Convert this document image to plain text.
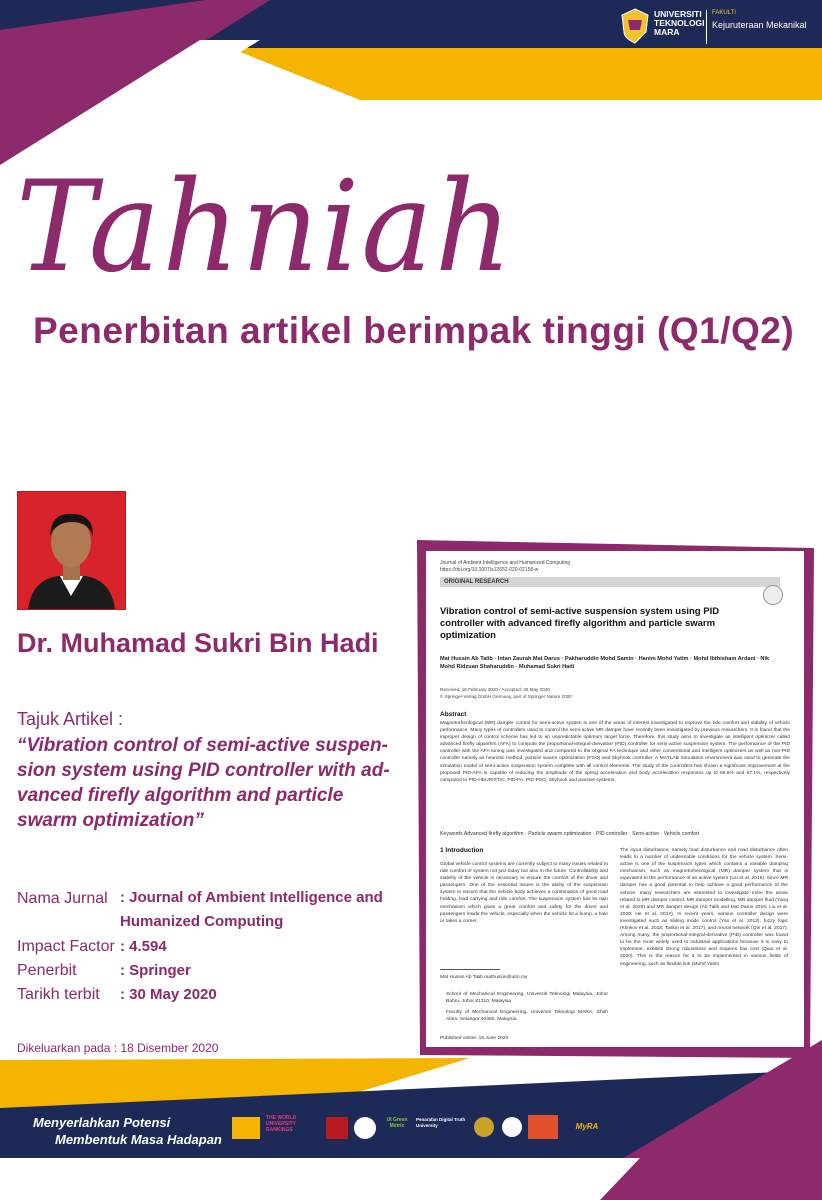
UNIVERSITI
TEKNOLOGI
MARA
FAKULTI
Kejuruteraan Mekanikal
Tahniah
Penerbitan artikel berimpak tinggi (Q1/Q2)
Dr. Muhamad Sukri Bin Hadi
Tajuk Artikel :
“Vibration control of semi-active suspen-sion system using PID controller with ad-vanced firefly algorithm and particle swarm optimization”
Nama Jurnal : Journal of Ambient Intelligence and Humanized Computing
Impact Factor : 4.594
Penerbit	: Springer
Tarikh terbit : 30 May 2020
Dikeluarkan pada : 18 Disember 2020
Journal of Ambient Intelligence and Humanized Computing
https://doi.org/10.1007/s12652-020-02158-w
ORIGINAL RESEARCH
Vibration control of semi-active suspension system using PID controller with advanced firefly algorithm and particle swarm optimization
Mat Hussin Ab Talib · Intan Zaurah Mat Darus · Pakharuddin Mohd Samin · Hanim Mohd Yatim · Mohd Ibthisham Ardani · Nik Mohd Ridzuan Shaharuddin · Muhamad Sukri Hadi
Received: 18 February 2020 / Accepted: 30 May 2020
© Springer-Verlag GmbH Germany, part of Springer Nature 2020
Abstract
Magnetorheological (MR) damper control for semi-active system is one of the areas of interest investigated to improve the ride comfort and stability of vehicle performance. Many types of controllers used to control the semi-active MR damper have recently been investigated by previous researchers. It is found that the improper design of control scheme has led to an unpredictable optimum target force. Therefore, this study aims to investigate an intelligent optimizer called advanced firefly algorithm (AFA) to compute the proportional-integral-derivative (PID) controller for semi-active suspension system. The performance of the PID controller with the AFA tuning was investigated and compared to the original FA technique and other conventional and intelligent optimizers as well as non-PID controller namely as heuristic method, particle swarm optimization (PSO) and Skyhook controller. A MATLAB Simulation environment was used to generate the simulation model of semi-active suspension system complete with all control elements. The study of the controllers has shown a significant improvement at the proposed PID-AFA is capable of reducing the amplitude of the spring acceleration and body acceleration responses up to 56.5% and 67.1%, respectively compared to PID-HEURISTIC, PID-FA, PID-PSO, Skyhook and passive systems.
Keywords Advanced firefly algorithm · Particle swarm optimization · PID controller · Semi-active · Vehicle comfort
1 Introduction
Global vehicle control systems are currently subject to many issues related to ride comfort of system not just today but also in the future. Controllability and stability of the vehicle is necessary to ensure the comfort of the driver and passengers. One of the essential issues is the ability of the suspension system to ensure that the vehicle body achieves a combination of good road holding, load carrying and ride comfort. The suspension system has its own mechanism which gives a great comfort and safety for the driver and passengers inside the vehicle, especially when the vehicle hit a bump, a hole or takes a corner.
The input disturbance, namely load disturbance and road disturbance often leads to a number of undesirable conditions for the vehicle system. Semi-active is one of the suspension types which contains a variable damping mechanism, such as magnetorheological (MR) damper system that is equivalent to the performance of an active system (Liu et al. 2019). Since MR damper has a good potential to help achieve a good performance of the vehicle, many researchers are interested to investigate more the areas related to MR damper control, MR damper modelling, MR damper fluid (Yang et al. 2020) and MR damper design (Ab Talib and Mat Darus 2016; Liu et al. 2020; He et al. 2017). In recent years, various controller design were investigated such as sliding mode control (Yao et al. 2013), fuzzy logic (Klinkov et al. 2018; Taskin et al. 2017), and neural network (Qin et al. 2017). Among many, the proportional-integral-derivative (PID) controller was found to be the most widely used in industrial applications because it is easy to implement, exhibits strong robustness and requires low cost (Qiao et al. 2020). This is the reason for it to be implemented in various fields of engineering, such as flexible link (Mohd Yatim
Mat Hussin Ab Talib mathussin@utm.my
School of Mechanical Engineering, Universiti Teknologi Malaysia, Johor Bahru, Johor 81310, Malaysia
Faculty of Mechanical Engineering, Universiti Teknologi MARA, Shah Alam, Selangor 40450, Malaysia
Published online: 15 June 2020
Menyerlahkan Potensi
Membentuk Masa Hadapan
THE WORLD UNIVERSITY RANKINGS
UI Green Metric
Penarafan Digital Truth University	MyRA
